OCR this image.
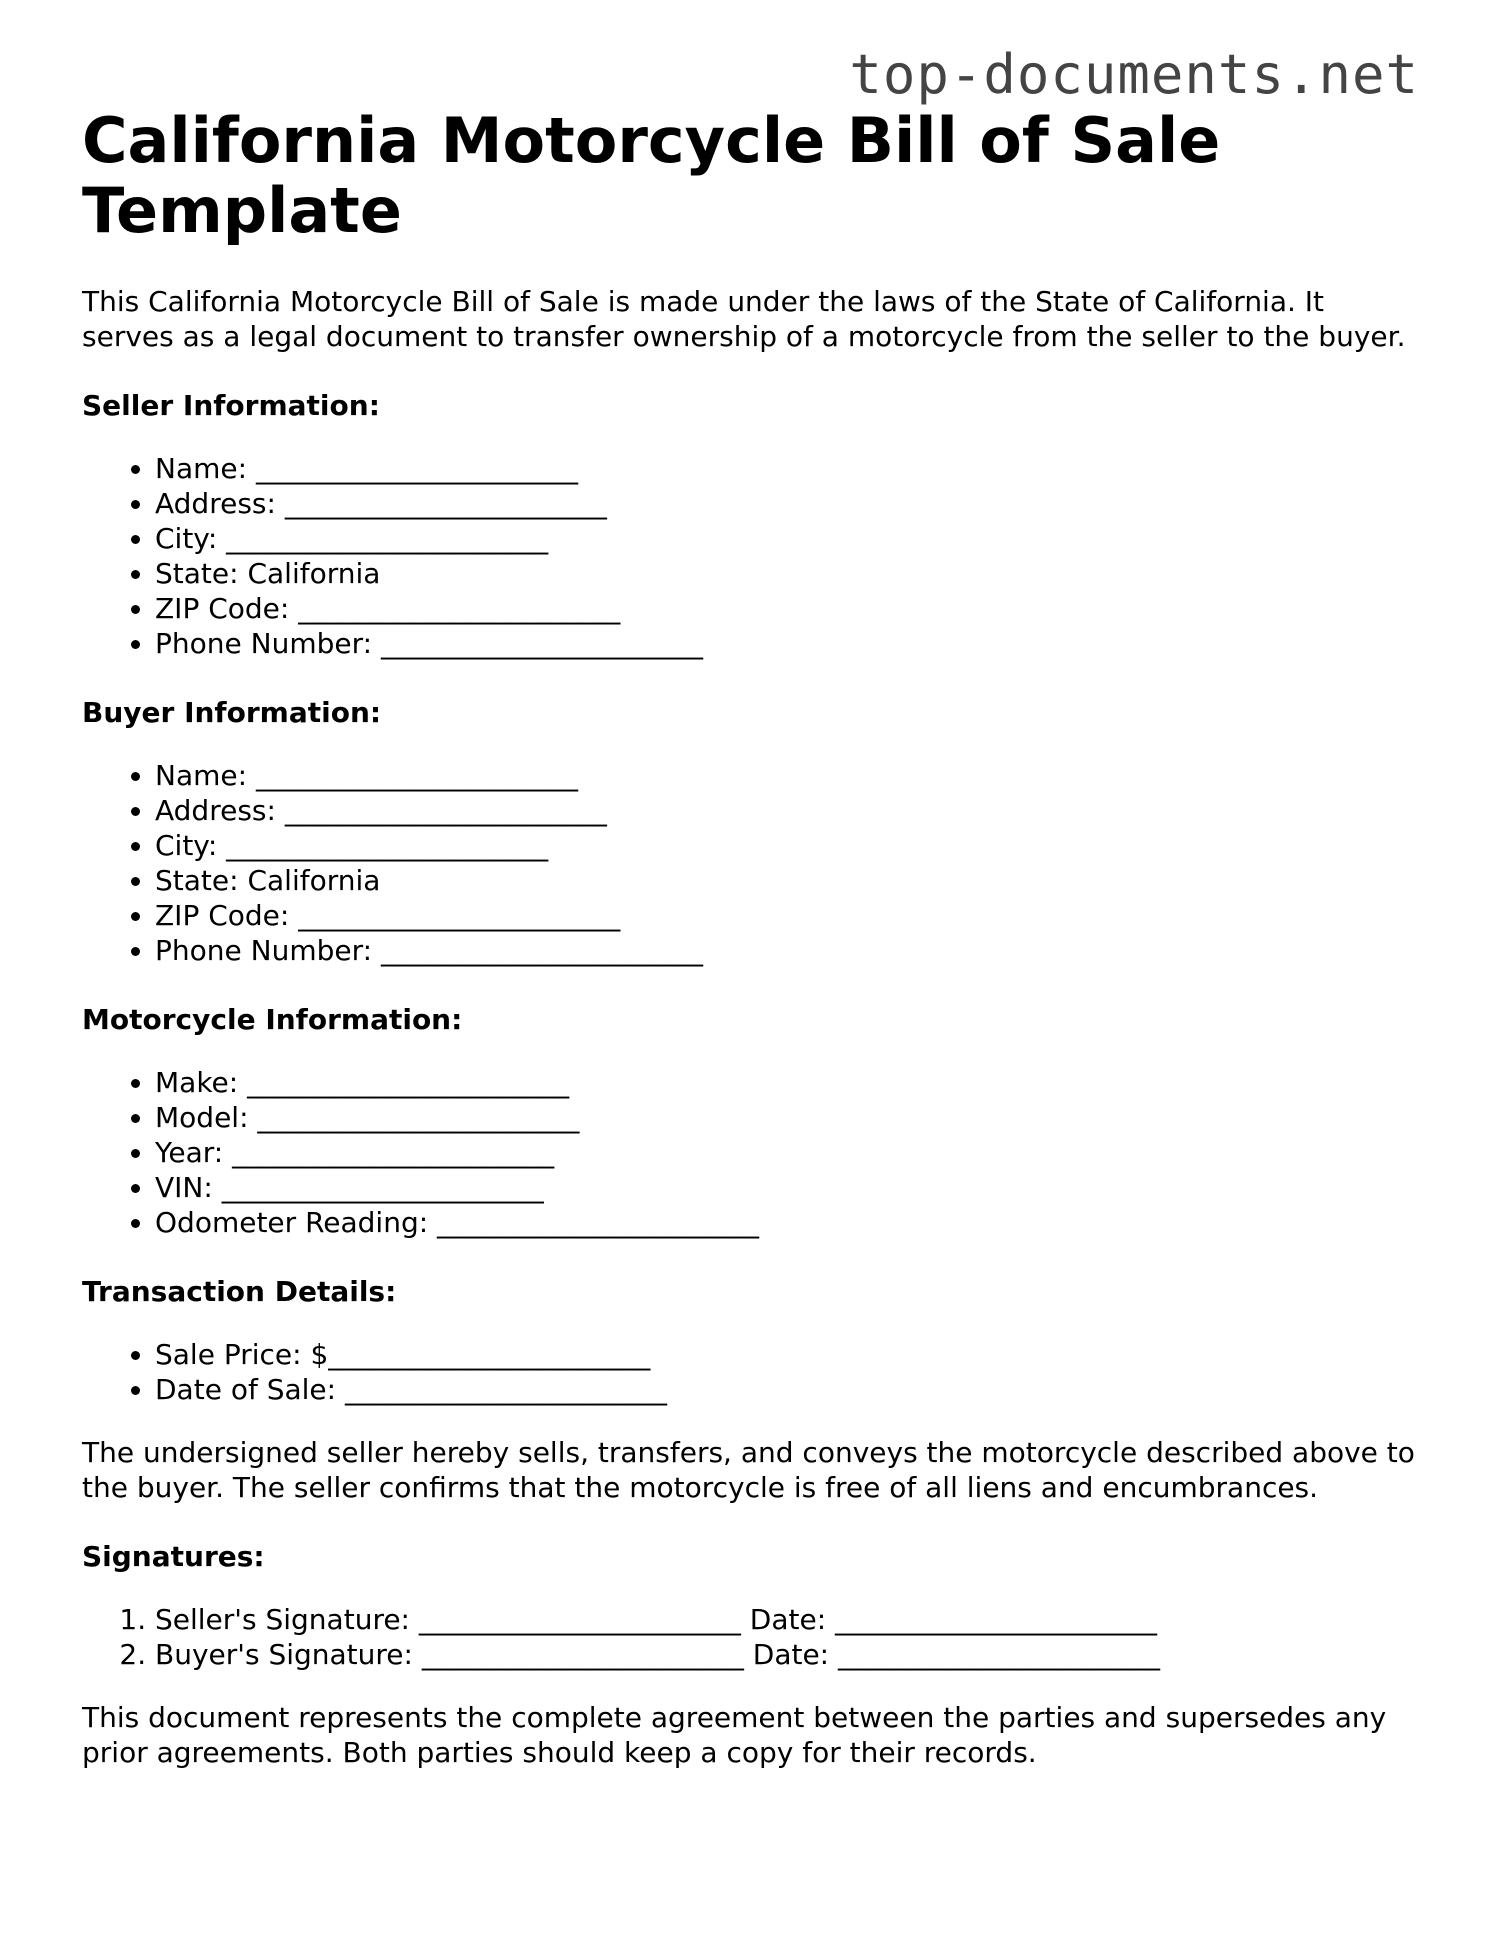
top-documents.net
California Motorcycle Bill of Sale Template

This California Motorcycle Bill of Sale is made under the laws of the State of California. It serves as a legal document to transfer ownership of a motorcycle from the seller to the buyer.

Seller Information:
• Name: _______________________
• Address: _______________________
• City: _______________________
• State: California
• ZIP Code: _______________________
• Phone Number: _______________________
Buyer Information:
• Name: _______________________
• Address: _______________________
• City: _______________________
• State: California
• ZIP Code: _______________________
• Phone Number: _______________________
Motorcycle Information:
• Make: _______________________
• Model: _______________________
• Year: _______________________
• VIN: _______________________
• Odometer Reading: _______________________
Transaction Details:
• Sale Price: $_______________________
• Date of Sale: _______________________

The undersigned seller hereby sells, transfers, and conveys the motorcycle described above to the buyer. The seller confirms that the motorcycle is free of all liens and encumbrances.

Signatures:
1. Seller's Signature: _______________________ Date: _______________________
2. Buyer's Signature: _______________________ Date: _______________________

This document represents the complete agreement between the parties and supersedes any prior agreements. Both parties should keep a copy for their records.
